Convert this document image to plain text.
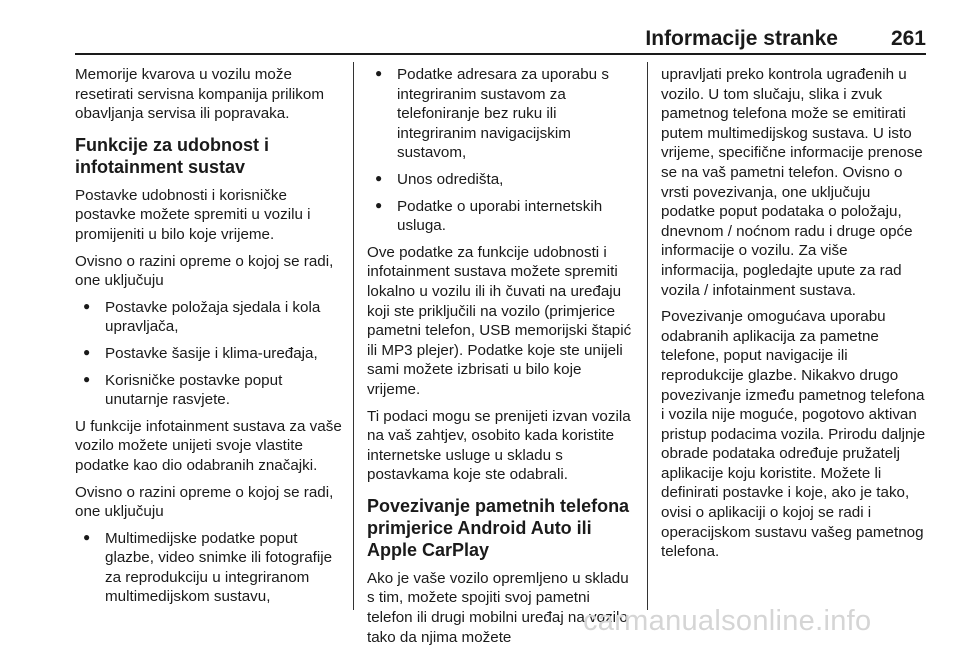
Informacije stranke	261

Memorije kvarova u vozilu može resetirati servisna kompanija prilikom obavljanja servisa ili popravaka.

Funkcije za udobnost i infotainment sustav

Postavke udobnosti i korisničke postavke možete spremiti u vozilu i promijeniti u bilo koje vrijeme.

Ovisno o razini opreme o kojoj se radi, one uključuju

● Postavke položaja sjedala i kola upravljača,
● Postavke šasije i klima-uređaja,
● Korisničke postavke poput unutarnje rasvjete.

U funkcije infotainment sustava za vaše vozilo možete unijeti svoje vlastite podatke kao dio odabranih značajki.

Ovisno o razini opreme o kojoj se radi, one uključuju

● Multimedijske podatke poput glazbe, video snimke ili fotografije za reprodukciju u integriranom multimedijskom sustavu,
● Podatke adresara za uporabu s integriranim sustavom za telefoniranje bez ruku ili integriranim navigacijskim sustavom,
● Unos odredišta,
● Podatke o uporabi internetskih usluga.

Ove podatke za funkcije udobnosti i infotainment sustava možete spremiti lokalno u vozilu ili ih čuvati na uređaju koji ste priključili na vozilo (primjerice pametni telefon, USB memorijski štapić ili MP3 plejer). Podatke koje ste unijeli sami možete izbrisati u bilo koje vrijeme.

Ti podaci mogu se prenijeti izvan vozila na vaš zahtjev, osobito kada koristite internetske usluge u skladu s postavkama koje ste odabrali.

Povezivanje pametnih telefona primjerice Android Auto ili Apple CarPlay

Ako je vaše vozilo opremljeno u skladu s tim, možete spojiti svoj pametni telefon ili drugi mobilni uređaj na vozilo tako da njima možete

upravljati preko kontrola ugrađenih u vozilo. U tom slučaju, slika i zvuk pametnog telefona može se emitirati putem multimedijskog sustava. U isto vrijeme, specifične informacije prenose se na vaš pametni telefon. Ovisno o vrsti povezivanja, one uključuju podatke poput podataka o položaju, dnevnom / noćnom radu i druge opće informacije o vozilu. Za više informacija, pogledajte upute za rad vozila / infotainment sustava.

Povezivanje omogućava uporabu odabranih aplikacija za pametne telefone, poput navigacije ili reprodukcije glazbe. Nikakvo drugo povezivanje između pametnog telefona i vozila nije moguće, pogotovo aktivan pristup podacima vozila. Prirodu daljnje obrade podataka određuje pružatelj aplikacije koju koristite. Možete li definirati postavke i koje, ako je tako, ovisi o aplikaciji o kojoj se radi i operacijskom sustavu vašeg pametnog telefona.

carmanualsonline.info
